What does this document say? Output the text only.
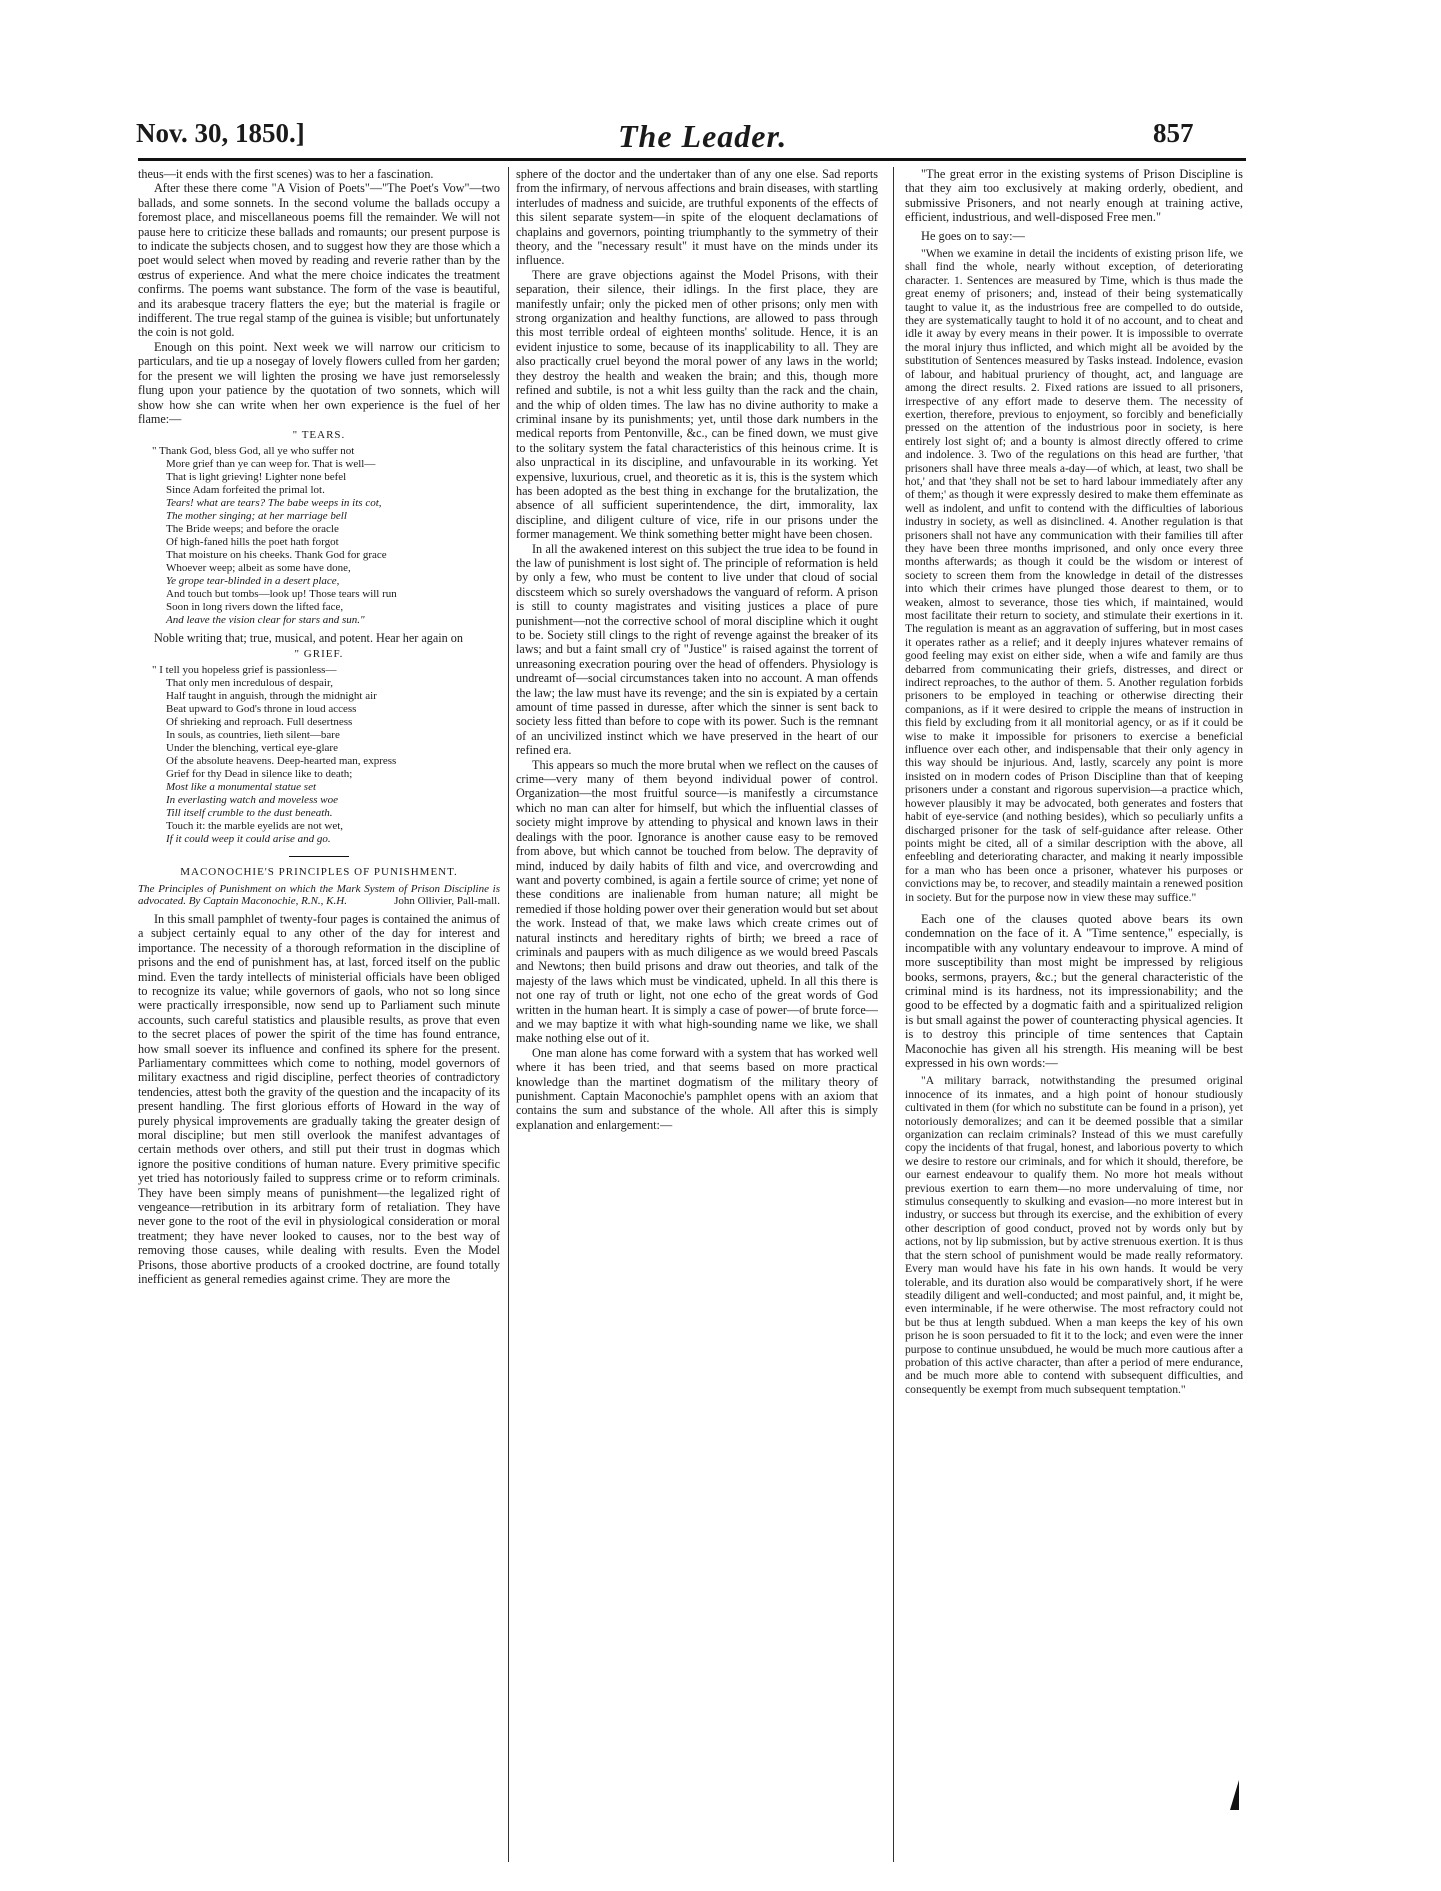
Nov. 30, 1850.]	The Leader.	857

theus—it ends with the first scenes) was to her a fascination.

After these there come "A Vision of Poets"—"The Poet's Vow"—two ballads, and some sonnets. In the second volume the ballads occupy a foremost place, and miscellaneous poems fill the remainder. We will not pause here to criticize these ballads and romaunts; our present purpose is to indicate the subjects chosen, and to suggest how they are those which a poet would select when moved by reading and reverie rather than by the œstrus of experience. And what the mere choice indicates the treatment confirms. The poems want substance. The form of the vase is beautiful, and its arabesque tracery flatters the eye; but the material is fragile or indifferent. The true regal stamp of the guinea is visible; but unfortunately the coin is not gold.

Enough on this point. Next week we will narrow our criticism to particulars, and tie up a nosegay of lovely flowers culled from her garden; for the present we will lighten the prosing we have just remorselessly flung upon your patience by the quotation of two sonnets, which will show how she can write when her own experience is the fuel of her flame:—

" TEARS.
" Thank God, bless God, all ye who suffer not
More grief than ye can weep for. That is well—
That is light grieving! Lighter none befel
Since Adam forfeited the primal lot.
Tears! what are tears? The babe weeps in its cot,
The mother singing; at her marriage bell
The Bride weeps; and before the oracle
Of high-faned hills the poet hath forgot
That moisture on his cheeks. Thank God for grace
Whoever weep; albeit as some have done,
Ye grope tear-blinded in a desert place,
And touch but tombs—look up! Those tears will run
Soon in long rivers down the lifted face,
And leave the vision clear for stars and sun."

Noble writing that; true, musical, and potent. Hear her again on

" GRIEF.
" I tell you hopeless grief is passionless—
That only men incredulous of despair,
Half taught in anguish, through the midnight air
Beat upward to God's throne in loud access
Of shrieking and reproach. Full desertness
In souls, as countries, lieth silent—bare
Under the blenching, vertical eye-glare
Of the absolute heavens. Deep-hearted man, express
Grief for thy Dead in silence like to death;
Most like a monumental statue set
In everlasting watch and moveless woe
Till itself crumble to the dust beneath.
Touch it: the marble eyelids are not wet,
If it could weep it could arise and go.
MACONOCHIE'S PRINCIPLES OF PUNISHMENT.

The Principles of Punishment on which the Mark System of Prison Discipline is advocated. By Captain Maconochie, R.N., K.H.	John Ollivier, Pall-mall.

In this small pamphlet of twenty-four pages is contained the animus of a subject certainly equal to any other of the day for interest and importance. The necessity of a thorough reformation in the discipline of prisons and the end of punishment has, at last, forced itself on the public mind. Even the tardy intellects of ministerial officials have been obliged to recognize its value; while governors of gaols, who not so long since were practically irresponsible, now send up to Parliament such minute accounts, such careful statistics and plausible results, as prove that even to the secret places of power the spirit of the time has found entrance, how small soever its influence and confined its sphere for the present. Parliamentary committees which come to nothing, model governors of military exactness and rigid discipline, perfect theories of contradictory tendencies, attest both the gravity of the question and the incapacity of its present handling. The first glorious efforts of Howard in the way of purely physical improvements are gradually taking the greater design of moral discipline; but men still overlook the manifest advantages of certain methods over others, and still put their trust in dogmas which ignore the positive conditions of human nature. Every primitive specific yet tried has notoriously failed to suppress crime or to reform criminals. They have been simply means of punishment—the legalized right of vengeance—retribution in its arbitrary form of retaliation. They have never gone to the root of the evil in physiological consideration or moral treatment; they have never looked to causes, nor to the best way of removing those causes, while dealing with results. Even the Model Prisons, those abortive products of a crooked doctrine, are found totally inefficient as general remedies against crime. They are more the

sphere of the doctor and the undertaker than of any one else. Sad reports from the infirmary, of nervous affections and brain diseases, with startling interludes of madness and suicide, are truthful exponents of the effects of this silent separate system—in spite of the eloquent declamations of chaplains and governors, pointing triumphantly to the symmetry of their theory, and the "necessary result" it must have on the minds under its influence.

There are grave objections against the Model Prisons, with their separation, their silence, their idlings. In the first place, they are manifestly unfair; only the picked men of other prisons; only men with strong organization and healthy functions, are allowed to pass through this most terrible ordeal of eighteen months' solitude. Hence, it is an evident injustice to some, because of its inapplicability to all. They are also practically cruel beyond the moral power of any laws in the world; they destroy the health and weaken the brain; and this, though more refined and subtile, is not a whit less guilty than the rack and the chain, and the whip of olden times. The law has no divine authority to make a criminal insane by its punishments; yet, until those dark numbers in the medical reports from Pentonville, &c., can be fined down, we must give to the solitary system the fatal characteristics of this heinous crime. It is also unpractical in its discipline, and unfavourable in its working. Yet expensive, luxurious, cruel, and theoretic as it is, this is the system which has been adopted as the best thing in exchange for the brutalization, the absence of all sufficient superintendence, the dirt, immorality, lax discipline, and diligent culture of vice, rife in our prisons under the former management. We think something better might have been chosen.

In all the awakened interest on this subject the true idea to be found in the law of punishment is lost sight of. The principle of reformation is held by only a few, who must be content to live under that cloud of social discsteem which so surely overshadows the vanguard of reform. A prison is still to county magistrates and visiting justices a place of pure punishment—not the corrective school of moral discipline which it ought to be. Society still clings to the right of revenge against the breaker of its laws; and but a faint small cry of "Justice" is raised against the torrent of unreasoning execration pouring over the head of offenders. Physiology is undreamt of—social circumstances taken into no account. A man offends the law; the law must have its revenge; and the sin is expiated by a certain amount of time passed in duresse, after which the sinner is sent back to society less fitted than before to cope with its power. Such is the remnant of an uncivilized instinct which we have preserved in the heart of our refined era.

This appears so much the more brutal when we reflect on the causes of crime—very many of them beyond individual power of control. Organization—the most fruitful source—is manifestly a circumstance which no man can alter for himself, but which the influential classes of society might improve by attending to physical and known laws in their dealings with the poor. Ignorance is another cause easy to be removed from above, but which cannot be touched from below. The depravity of mind, induced by daily habits of filth and vice, and overcrowding and want and poverty combined, is again a fertile source of crime; yet none of these conditions are inalienable from human nature; all might be remedied if those holding power over their generation would but set about the work. Instead of that, we make laws which create crimes out of natural instincts and hereditary rights of birth; we breed a race of criminals and paupers with as much diligence as we would breed Pascals and Newtons; then build prisons and draw out theories, and talk of the majesty of the laws which must be vindicated, upheld. In all this there is not one ray of truth or light, not one echo of the great words of God written in the human heart. It is simply a case of power—of brute force—and we may baptize it with what high-sounding name we like, we shall make nothing else out of it.

One man alone has come forward with a system that has worked well where it has been tried, and that seems based on more practical knowledge than the martinet dogmatism of the military theory of punishment. Captain Maconochie's pamphlet opens with an axiom that contains the sum and substance of the whole. All after this is simply explanation and enlargement:—

"The great error in the existing systems of Prison Discipline is that they aim too exclusively at making orderly, obedient, and submissive Prisoners, and not nearly enough at training active, efficient, industrious, and well-disposed Free men."

He goes on to say:—

"When we examine in detail the incidents of existing prison life, we shall find the whole, nearly without exception, of deteriorating character. 1. Sentences are measured by Time, which is thus made the great enemy of prisoners; and, instead of their being systematically taught to value it, as the industrious free are compelled to do outside, they are systematically taught to hold it of no account, and to cheat and idle it away by every means in their power. It is impossible to overrate the moral injury thus inflicted, and which might all be avoided by the substitution of Sentences measured by Tasks instead. Indolence, evasion of labour, and habitual pruriency of thought, act, and language are among the direct results. 2. Fixed rations are issued to all prisoners, irrespective of any effort made to deserve them. The necessity of exertion, therefore, previous to enjoyment, so forcibly and beneficially pressed on the attention of the industrious poor in society, is here entirely lost sight of; and a bounty is almost directly offered to crime and indolence. 3. Two of the regulations on this head are further, 'that prisoners shall have three meals a-day—of which, at least, two shall be hot,' and that 'they shall not be set to hard labour immediately after any of them;' as though it were expressly desired to make them effeminate as well as indolent, and unfit to contend with the difficulties of laborious industry in society, as well as disinclined. 4. Another regulation is that prisoners shall not have any communication with their families till after they have been three months imprisoned, and only once every three months afterwards; as though it could be the wisdom or interest of society to screen them from the knowledge in detail of the distresses into which their crimes have plunged those dearest to them, or to weaken, almost to severance, those ties which, if maintained, would most facilitate their return to society, and stimulate their exertions in it. The regulation is meant as an aggravation of suffering, but in most cases it operates rather as a relief; and it deeply injures whatever remains of good feeling may exist on either side, when a wife and family are thus debarred from communicating their griefs, distresses, and direct or indirect reproaches, to the author of them. 5. Another regulation forbids prisoners to be employed in teaching or otherwise directing their companions, as if it were desired to cripple the means of instruction in this field by excluding from it all monitorial agency, or as if it could be wise to make it impossible for prisoners to exercise a beneficial influence over each other, and indispensable that their only agency in this way should be injurious. And, lastly, scarcely any point is more insisted on in modern codes of Prison Discipline than that of keeping prisoners under a constant and rigorous supervision—a practice which, however plausibly it may be advocated, both generates and fosters that habit of eye-service (and nothing besides), which so peculiarly unfits a discharged prisoner for the task of self-guidance after release. Other points might be cited, all of a similar description with the above, all enfeebling and deteriorating character, and making it nearly impossible for a man who has been once a prisoner, whatever his purposes or convictions may be, to recover, and steadily maintain a renewed position in society. But for the purpose now in view these may suffice."

Each one of the clauses quoted above bears its own condemnation on the face of it. A "Time sentence," especially, is incompatible with any voluntary endeavour to improve. A mind of more susceptibility than most might be impressed by religious books, sermons, prayers, &c.; but the general characteristic of the criminal mind is its hardness, not its impressionability; and the good to be effected by a dogmatic faith and a spiritualized religion is but small against the power of counteracting physical agencies. It is to destroy this principle of time sentences that Captain Maconochie has given all his strength. His meaning will be best expressed in his own words:—

"A military barrack, notwithstanding the presumed original innocence of its inmates, and a high point of honour studiously cultivated in them (for which no substitute can be found in a prison), yet notoriously demoralizes; and can it be deemed possible that a similar organization can reclaim criminals? Instead of this we must carefully copy the incidents of that frugal, honest, and laborious poverty to which we desire to restore our criminals, and for which it should, therefore, be our earnest endeavour to qualify them. No more hot meals without previous exertion to earn them—no more undervaluing of time, nor stimulus consequently to skulking and evasion—no more interest but in industry, or success but through its exercise, and the exhibition of every other description of good conduct, proved not by words only but by actions, not by lip submission, but by active strenuous exertion. It is thus that the stern school of punishment would be made really reformatory. Every man would have his fate in his own hands. It would be very tolerable, and its duration also would be comparatively short, if he were steadily diligent and well-conducted; and most painful, and, it might be, even interminable, if he were otherwise. The most refractory could not but be thus at length subdued. When a man keeps the key of his own prison he is soon persuaded to fit it to the lock; and even were the inner purpose to continue unsubdued, he would be much more cautious after a probation of this active character, than after a period of mere endurance, and be much more able to contend with subsequent difficulties, and consequently be exempt from much subsequent temptation."
